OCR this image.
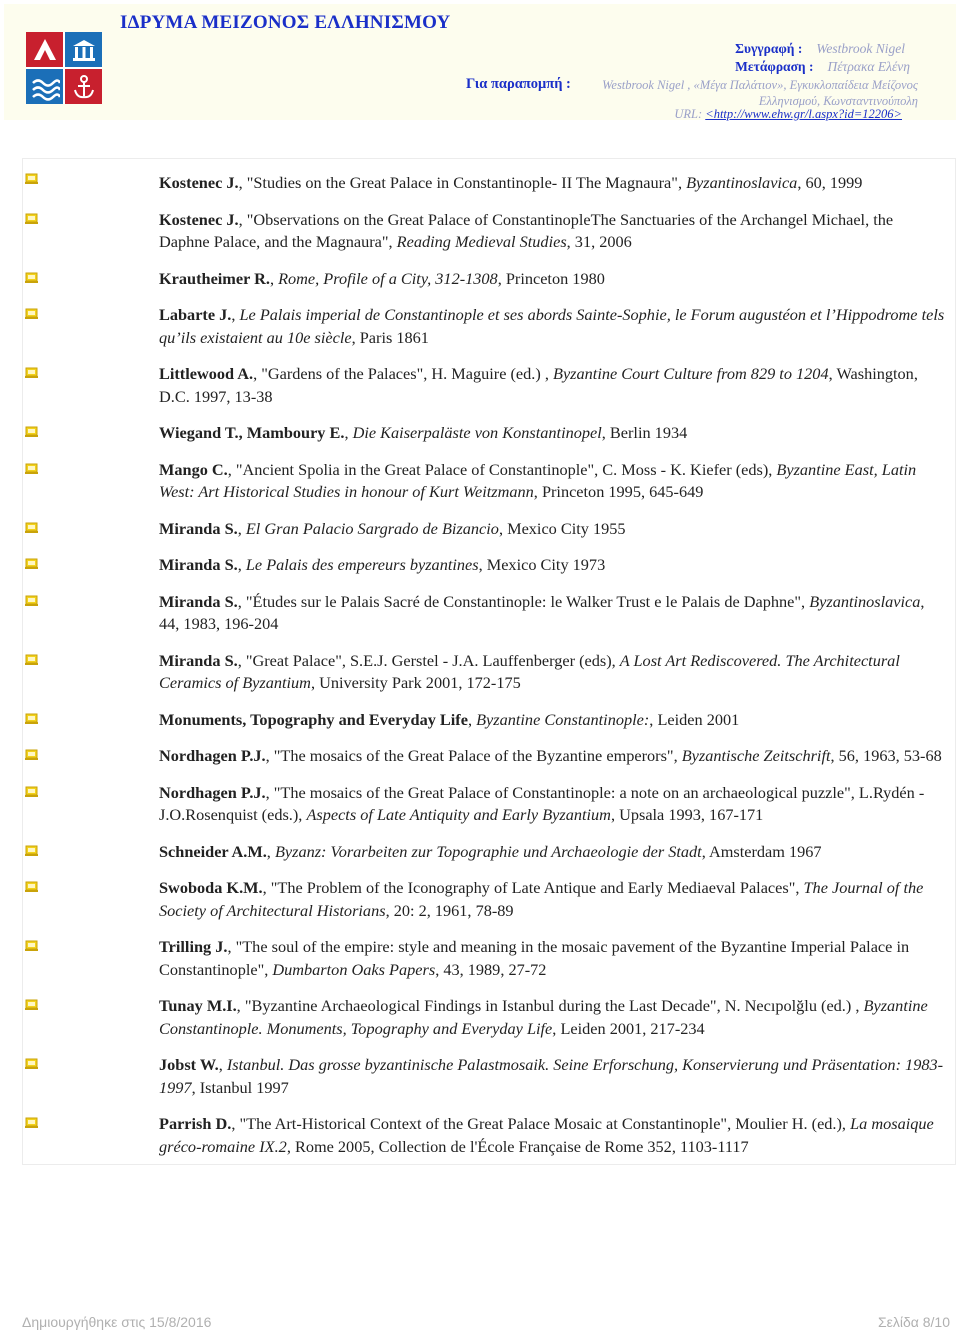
ΙΔΡΥΜΑ ΜΕΙΖΟΝΟΣ ΕΛΛΗΝΙΣΜΟΥ
Συγγραφή : Westbrook Nigel
Μετάφραση : Πέτρακα Ελένη
Για παραπομπή : Westbrook Nigel , «Μέγα Παλάτιον», Εγκυκλοπαίδεια Μείζονος Ελληνισμού, Κωνσταντινούπολη
URL: <http://www.ehw.gr/l.aspx?id=12206>
Kostenec J., "Studies on the Great Palace in Constantinople- II The Magnaura", Byzantinoslavica, 60, 1999
Kostenec J., "Observations on the Great Palace of ConstantinopleThe Sanctuaries of the Archangel Michael, the Daphne Palace, and the Magnaura", Reading Medieval Studies, 31, 2006
Krautheimer R., Rome, Profile of a City, 312-1308, Princeton 1980
Labarte J., Le Palais imperial de Constantinople et ses abords Sainte-Sophie, le Forum augustéon et l’Hippodrome tels qu’ils existaient au 10e siècle, Paris 1861
Littlewood A., "Gardens of the Palaces", H. Maguire (ed.) , Byzantine Court Culture from 829 to 1204, Washington, D.C. 1997, 13-38
Wiegand T., Mamboury E., Die Kaiserpaläste von Konstantinopel, Berlin 1934
Mango C., "Ancient Spolia in the Great Palace of Constantinople", C. Moss - K. Kiefer (eds), Byzantine East, Latin West: Art Historical Studies in honour of Kurt Weitzmann, Princeton 1995, 645-649
Miranda S., El Gran Palacio Sargrado de Bizancio, Mexico City 1955
Miranda S., Le Palais des empereurs byzantines, Mexico City 1973
Miranda S., "Études sur le Palais Sacré de Constantinople: le Walker Trust e le Palais de Daphne", Byzantinoslavica, 44, 1983, 196-204
Miranda S., "Great Palace", S.E.J. Gerstel - J.A. Lauffenberger (eds), A Lost Art Rediscovered. The Architectural Ceramics of Byzantium, University Park 2001, 172-175
Monuments, Topography and Everyday Life, Byzantine Constantinople:, Leiden 2001
Nordhagen P.J., "The mosaics of the Great Palace of the Byzantine emperors", Byzantische Zeitschrift, 56, 1963, 53-68
Nordhagen P.J., "The mosaics of the Great Palace of Constantinople: a note on an archaeological puzzle", L.Rydén - J.O.Rosenquist (eds.), Aspects of Late Antiquity and Early Byzantium, Upsala 1993, 167-171
Schneider A.M., Byzanz: Vorarbeiten zur Topographie und Archaeologie der Stadt, Amsterdam 1967
Swoboda K.M., "The Problem of the Iconography of Late Antique and Early Mediaeval Palaces", The Journal of the Society of Architectural Historians, 20: 2, 1961, 78-89
Trilling J., "The soul of the empire: style and meaning in the mosaic pavement of the Byzantine Imperial Palace in Constantinople", Dumbarton Oaks Papers, 43, 1989, 27-72
Tunay M.I., "Byzantine Archaeological Findings in Istanbul during the Last Decade", N. Necıpolğlu (ed.) , Byzantine Constantinople. Monuments, Topography and Everyday Life, Leiden 2001, 217-234
Jobst W., Istanbul. Das grosse byzantinische Palastmosaik. Seine Erforschung, Konservierung und Präsentation: 1983-1997, Istanbul 1997
Parrish D., "The Art-Historical Context of the Great Palace Mosaic at Constantinople", Moulier H. (ed.), La mosaique gréco-romaine IX.2, Rome 2005, Collection de l'École Française de Rome 352, 1103-1117
Δημιουργήθηκε στις 15/8/2016	Σελίδα 8/10
